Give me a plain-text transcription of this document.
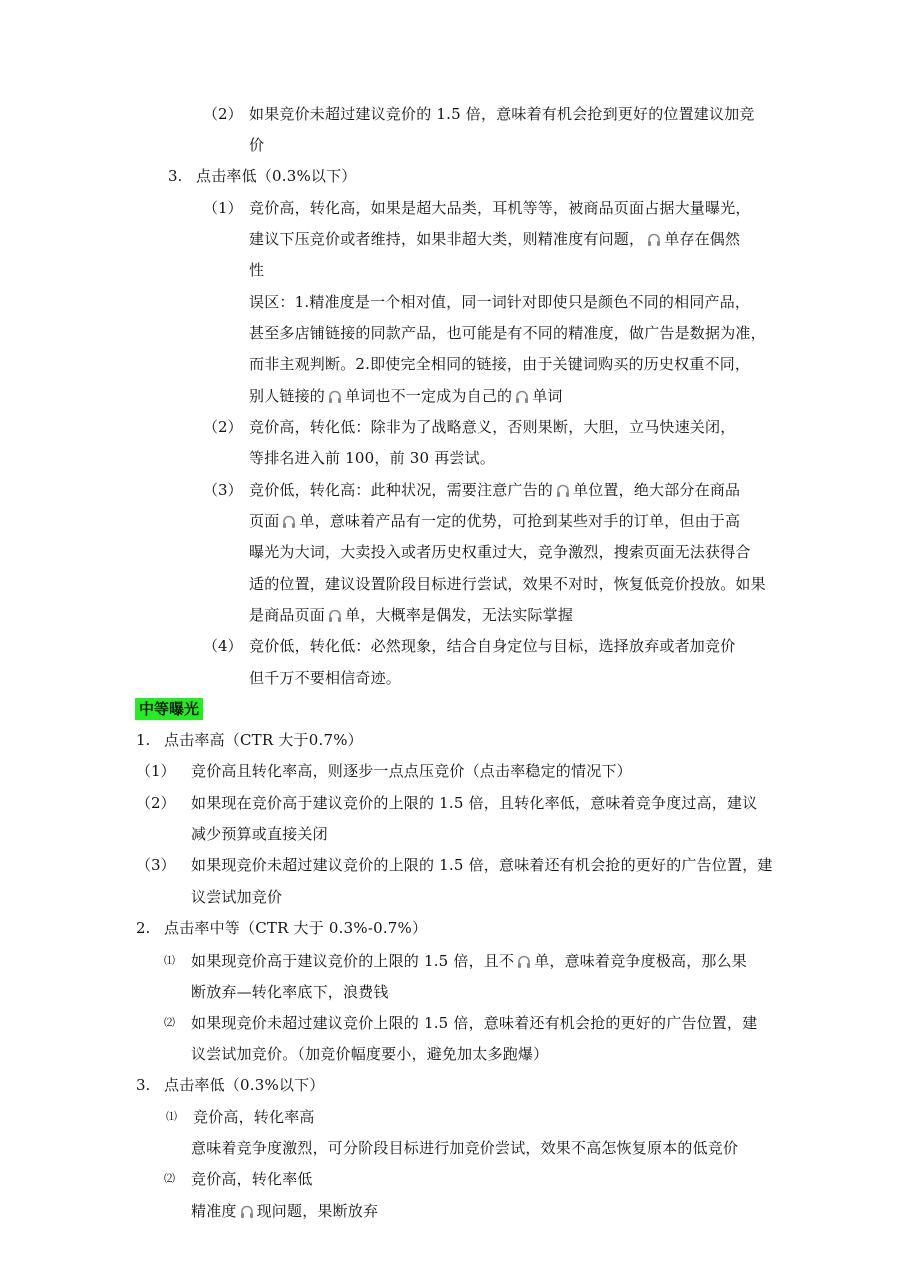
（2） 如果竞价未超过建议竞价的 1.5 倍，意味着有机会抢到更好的位置建议加竞
价
3. 点击率低（0.3%以下）
（1） 竞价高，转化高，如果是超大品类，耳机等等，被商品页面占据大量曝光，
建议下压竞价或者维持，如果非超大类，则精准度有问题， 单存在偶然
性
误区：1.精准度是一个相对值，同一词针对即使只是颜色不同的相同产品，
甚至多店铺链接的同款产品，也可能是有不同的精准度，做广告是数据为准，
而非主观判断。2.即使完全相同的链接，由于关键词购买的历史权重不同，
别人链接的 单词也不一定成为自己的 单词
（2） 竞价高，转化低：除非为了战略意义，否则果断，大胆，立马快速关闭，
等排名进入前 100，前 30 再尝试。
（3） 竞价低，转化高：此种状况，需要注意广告的 单位置，绝大部分在商品
页面 单，意味着产品有一定的优势，可抢到某些对手的订单，但由于高
曝光为大词，大卖投入或者历史权重过大，竞争激烈，搜索页面无法获得合
适的位置，建议设置阶段目标进行尝试，效果不对时，恢复低竞价投放。如果
是商品页面 单，大概率是偶发，无法实际掌握
（4） 竞价低，转化低：必然现象，结合自身定位与目标，选择放弃或者加竞价
但千万不要相信奇迹。
中等曝光
1. 点击率高（CTR 大于0.7%）
（1） 竞价高且转化率高，则逐步一点点压竞价（点击率稳定的情况下）
（2） 如果现在竞价高于建议竞价的上限的 1.5 倍，且转化率低，意味着竞争度过高，建议
减少预算或直接关闭
（3） 如果现竞价未超过建议竞价的上限的 1.5 倍，意味着还有机会抢的更好的广告位置，建
议尝试加竞价
2. 点击率中等（CTR 大于 0.3%-0.7%）
⑴ 如果现竞价高于建议竞价的上限的 1.5 倍，且不 单，意味着竞争度极高，那么果
断放弃—转化率底下，浪费钱
⑵ 如果现竞价未超过建议竞价上限的 1.5 倍，意味着还有机会抢的更好的广告位置，建
议尝试加竞价。（加竞价幅度要小，避免加太多跑爆）
3. 点击率低（0.3%以下）
⑴ 竞价高，转化率高
意味着竞争度激烈，可分阶段目标进行加竞价尝试，效果不高怎恢复原本的低竞价
⑵ 竞价高，转化率低
精准度 现问题，果断放弃
